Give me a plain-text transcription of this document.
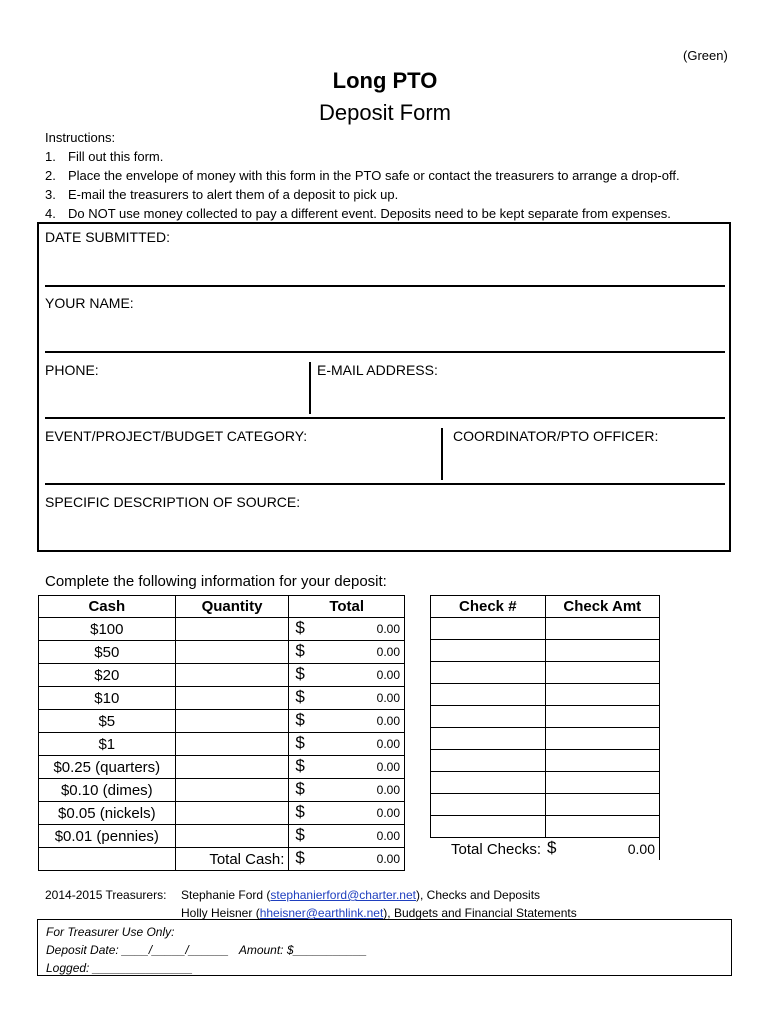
(Green)
Long PTO
Deposit Form
Instructions:
1. Fill out this form.
2. Place the envelope of money with this form in the PTO safe or contact the treasurers to arrange a drop-off.
3. E-mail the treasurers to alert them of a deposit to pick up.
4. Do NOT use money collected to pay a different event. Deposits need to be kept separate from expenses.
DATE SUBMITTED:
YOUR NAME:
PHONE:	E-MAIL ADDRESS:
EVENT/PROJECT/BUDGET CATEGORY:	COORDINATOR/PTO OFFICER:
SPECIFIC DESCRIPTION OF SOURCE:
Complete the following information for your deposit:
Cash	Quantity	Total
$100		$ 0.00

$50		$ 0.00

$20		$ 0.00

$10		$ 0.00

$5		$ 0.00

$1		$ 0.00

$0.25 (quarters)		$ 0.00

$0.10 (dimes)		$ 0.00

$0.05 (nickels)		$ 0.00

$0.01 (pennies)		$ 0.00

	Total Cash:	$ 0.00
Check #	Check Amt

Total Checks:	$ 0.00
2014-2015 Treasurers: Stephanie Ford (stephanierford@charter.net), Checks and Deposits
Holly Heisner (hheisner@earthlink.net), Budgets and Financial Statements
For Treasurer Use Only:
Deposit Date: ____/_____/______ Amount: $___________
Logged: _______________
